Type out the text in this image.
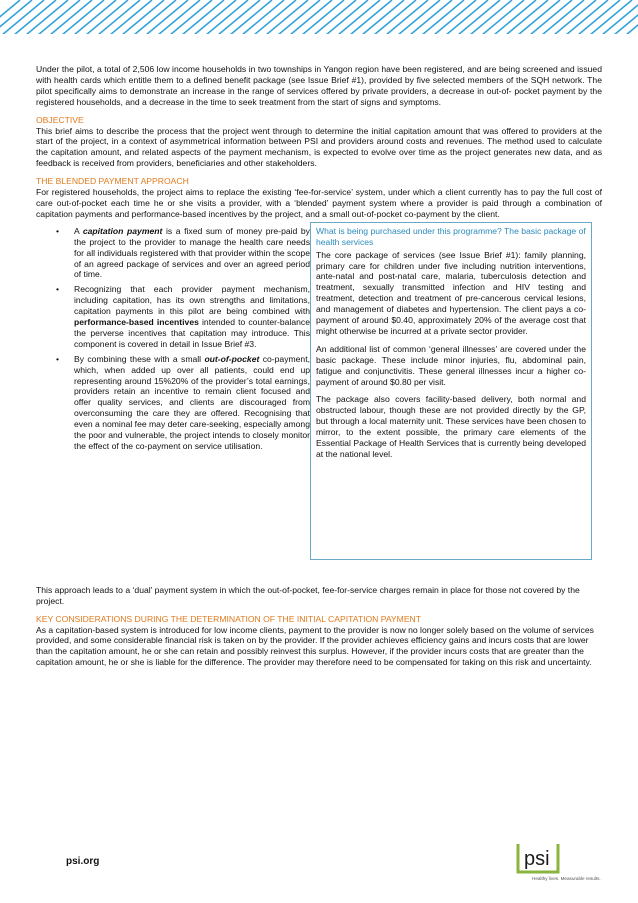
Under the pilot, a total of 2,506 low income households in two townships in Yangon region have been registered, and are being screened and issued with health cards which entitle them to a defined benefit package (see Issue Brief #1), provided by five selected members of the SQH network. The pilot specifically aims to demonstrate an increase in the range of services offered by private providers, a decrease in out-of- pocket payment by the registered households, and a decrease in the time to seek treatment from the start of signs and symptoms.

OBJECTIVE

This brief aims to describe the process that the project went through to determine the initial capitation amount that was offered to providers at the start of the project, in a context of asymmetrical information between PSI and providers around costs and revenues. The method used to calculate the capitation amount, and related aspects of the payment mechanism, is expected to evolve over time as the project generates new data, and as feedback is received from providers, beneficiaries and other stakeholders.

THE BLENDED PAYMENT APPROACH

For registered households, the project aims to replace the existing ‘fee-for-service’ system, under which a client currently has to pay the full cost of care out-of-pocket each time he or she visits a provider, with a ‘blended’ payment system where a provider is paid through a combination of capitation payments and performance-based incentives by the project, and a small out-of-pocket co-payment by the client.

• A capitation payment is a fixed sum of money pre-paid by the project to the provider to manage the health care needs for all individuals registered with that provider within the scope of an agreed package of services and over an agreed period of time.
• Recognizing that each provider payment mechanism, including capitation, has its own strengths and limitations, capitation payments in this pilot are being combined with performance-based incentives intended to counter-balance the perverse incentives that capitation may introduce. This component is covered in detail in Issue Brief #3.
• By combining these with a small out-of-pocket co-payment, which, when added up over all patients, could end up representing around 15%20% of the provider’s total earnings, providers retain an incentive to remain client focused and offer quality services, and clients are discouraged from overconsuming the care they are offered. Recognising that even a nominal fee may deter care-seeking, especially among the poor and vulnerable, the project intends to closely monitor the effect of the co-payment on service utilisation.

What is being purchased under this programme? The basic package of health services

The core package of services (see Issue Brief #1): family planning, primary care for children under five including nutrition interventions, ante-natal and post-natal care, malaria, tuberculosis detection and treatment, sexually transmitted infection and HIV testing and treatment, detection and treatment of pre-cancerous cervical lesions, and management of diabetes and hypertension. The client pays a co-payment of around $0.40, approximately 20% of the average cost that might otherwise be incurred at a private sector provider.

An additional list of common ‘general illnesses’ are covered under the basic package. These include minor injuries, flu, abdominal pain, fatigue and conjunctivitis. These general illnesses incur a higher co-payment of around $0.80 per visit.

The package also covers facility-based delivery, both normal and obstructed labour, though these are not provided directly by the GP, but through a local maternity unit. These services have been chosen to mirror, to the extent possible, the primary care elements of the Essential Package of Health Services that is currently being developed at the national level.

This approach leads to a ‘dual’ payment system in which the out-of-pocket, fee-for-service charges remain in place for those not covered by the project.

KEY CONSIDERATIONS DURING THE DETERMINATION OF THE INITIAL CAPITATION PAYMENT

As a capitation-based system is introduced for low income clients, payment to the provider is now no longer solely based on the volume of services provided, and some considerable financial risk is taken on by the provider. If the provider achieves efficiency gains and incurs costs that are lower than the capitation amount, he or she can retain and possibly reinvest this surplus. However, if the provider incurs costs that are greater than the capitation amount, he or she is liable for the difference. The provider may therefore need to be compensated for taking on this risk and uncertainty.

psi.org	psi
Healthy lives. Measurable results.
